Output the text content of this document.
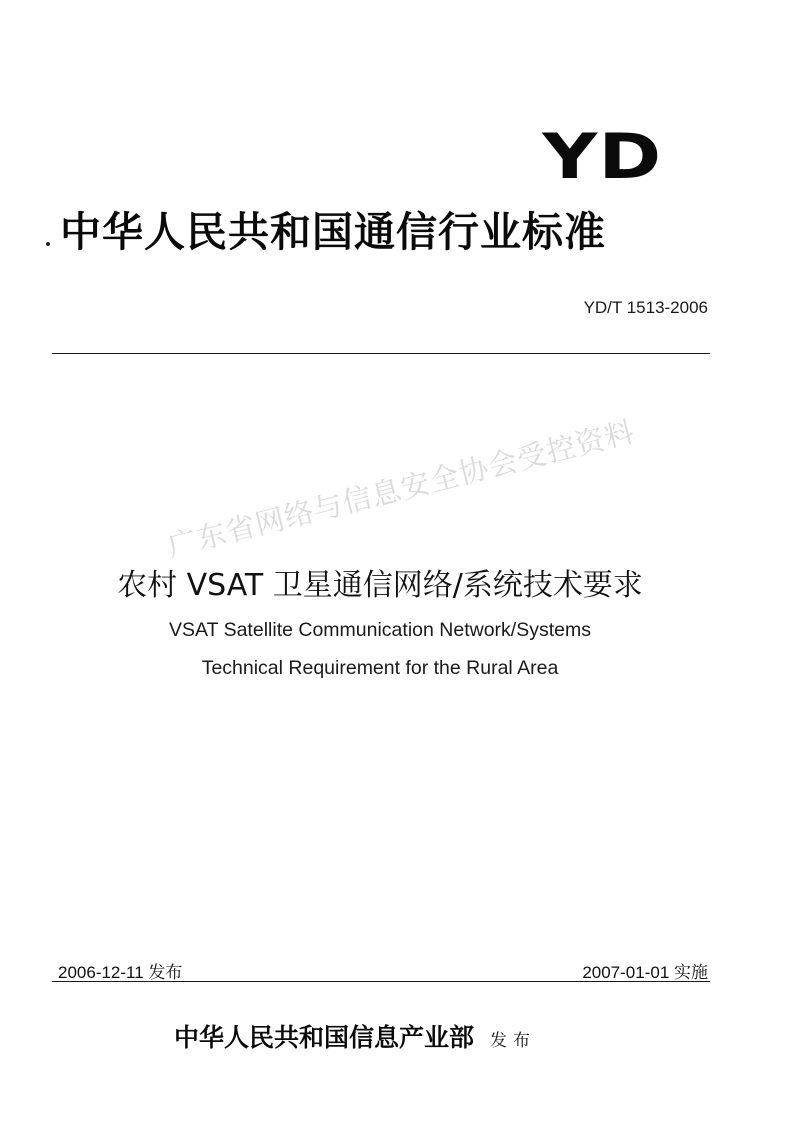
YD
中华人民共和国通信行业标准
YD/T 1513-2006
广东省网络与信息安全协会受控资料
农村 VSAT 卫星通信网络/系统技术要求
VSAT Satellite Communication Network/Systems
Technical Requirement for the Rural Area
2006-12-11 发布	2007-01-01 实施
中华人民共和国信息产业部 发布
